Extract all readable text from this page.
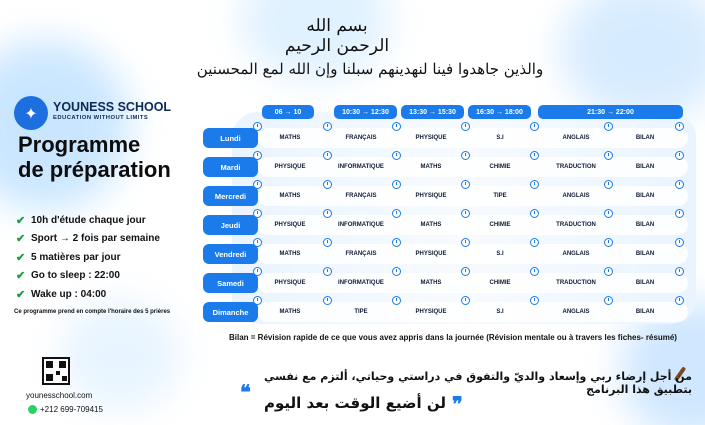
بسم الله الرحمن الرحيم
والذين جاهدوا فينا لنهدينهم سبلنا وإن الله لمع المحسنين
✦	YOUNESS SCHOOL
EDUCATION WITHOUT LIMITS
Programme
de préparation
✔ 10h d'étude chaque jour
✔ Sport → 2 fois par semaine
✔ 5 matières par jour
✔ Go to sleep : 22:00
✔ Wake up : 04:00
Ce programme prend en compte l'horaire des 5 prières
younesschool.com
+212 699-709415
06 → 10	10:30 → 12:30	13:30 → 15:30	16:30 → 18:00	21:30 → 22:00
Lundi	MATHS	FRANÇAIS	PHYSIQUE	S.I	ANGLAIS	BILAN
Mardi	PHYSIQUE	INFORMATIQUE	MATHS	CHIMIE	TRADUCTION	BILAN
Mercredi	MATHS	FRANÇAIS	PHYSIQUE	TIPE	ANGLAIS	BILAN
Jeudi	PHYSIQUE	INFORMATIQUE	MATHS	CHIMIE	TRADUCTION	BILAN
Vendredi	MATHS	FRANÇAIS	PHYSIQUE	S.I	ANGLAIS	BILAN
Samedi	PHYSIQUE	INFORMATIQUE	MATHS	CHIMIE	TRADUCTION	BILAN
Dimanche	MATHS	TIPE	PHYSIQUE	S.I	ANGLAIS	BILAN
Bilan = Révision rapide de ce que vous avez appris dans la journée (Révision mentale ou à travers les fiches- résumé)
من أجل إرضاء ربي وإسعاد والديّ والتفوق في دراستي وحياتي، ألتزم مع نفسي بتطبيق هذا البرنامج
❞
لن أضيع الوقت بعد اليوم
❝
